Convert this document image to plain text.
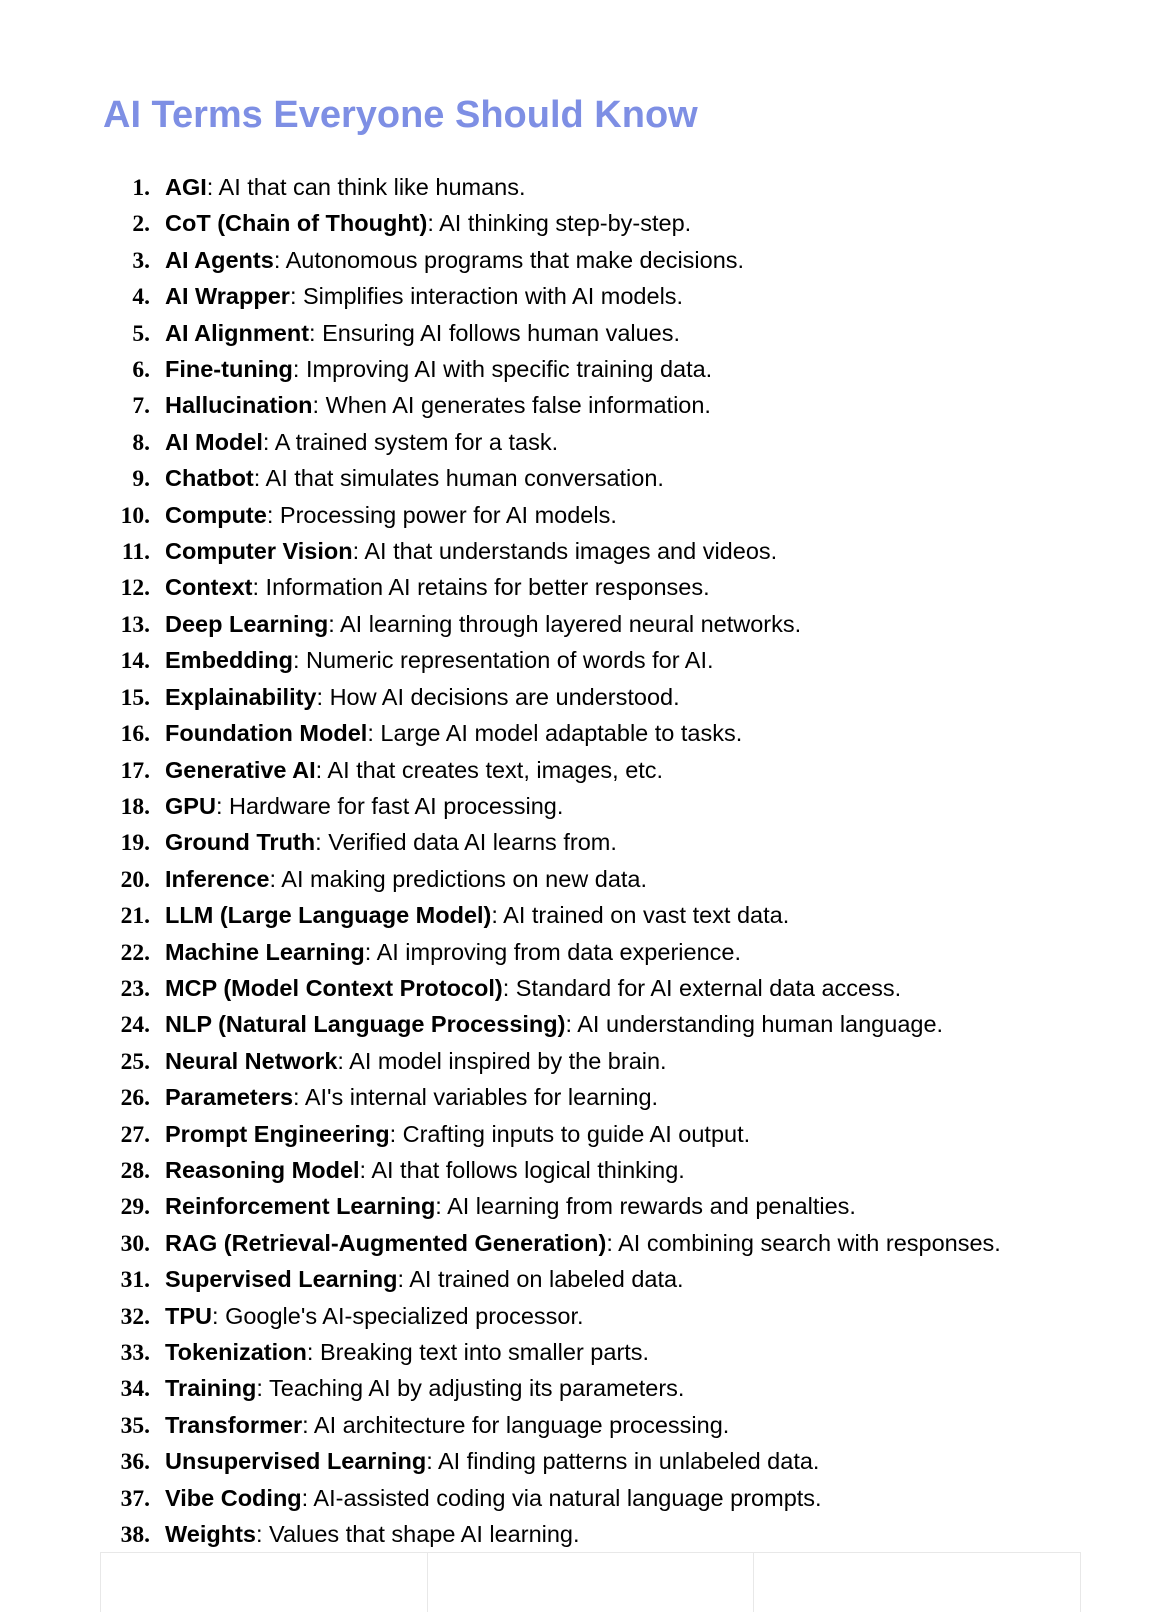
AI Terms Everyone Should Know
1. AGI: AI that can think like humans.
2. CoT (Chain of Thought): AI thinking step-by-step.
3. AI Agents: Autonomous programs that make decisions.
4. AI Wrapper: Simplifies interaction with AI models.
5. AI Alignment: Ensuring AI follows human values.
6. Fine-tuning: Improving AI with specific training data.
7. Hallucination: When AI generates false information.
8. AI Model: A trained system for a task.
9. Chatbot: AI that simulates human conversation.
10. Compute: Processing power for AI models.
11. Computer Vision: AI that understands images and videos.
12. Context: Information AI retains for better responses.
13. Deep Learning: AI learning through layered neural networks.
14. Embedding: Numeric representation of words for AI.
15. Explainability: How AI decisions are understood.
16. Foundation Model: Large AI model adaptable to tasks.
17. Generative AI: AI that creates text, images, etc.
18. GPU: Hardware for fast AI processing.
19. Ground Truth: Verified data AI learns from.
20. Inference: AI making predictions on new data.
21. LLM (Large Language Model): AI trained on vast text data.
22. Machine Learning: AI improving from data experience.
23. MCP (Model Context Protocol): Standard for AI external data access.
24. NLP (Natural Language Processing): AI understanding human language.
25. Neural Network: AI model inspired by the brain.
26. Parameters: AI's internal variables for learning.
27. Prompt Engineering: Crafting inputs to guide AI output.
28. Reasoning Model: AI that follows logical thinking.
29. Reinforcement Learning: AI learning from rewards and penalties.
30. RAG (Retrieval-Augmented Generation): AI combining search with responses.
31. Supervised Learning: AI trained on labeled data.
32. TPU: Google's AI-specialized processor.
33. Tokenization: Breaking text into smaller parts.
34. Training: Teaching AI by adjusting its parameters.
35. Transformer: AI architecture for language processing.
36. Unsupervised Learning: AI finding patterns in unlabeled data.
37. Vibe Coding: AI-assisted coding via natural language prompts.
38. Weights: Values that shape AI learning.
